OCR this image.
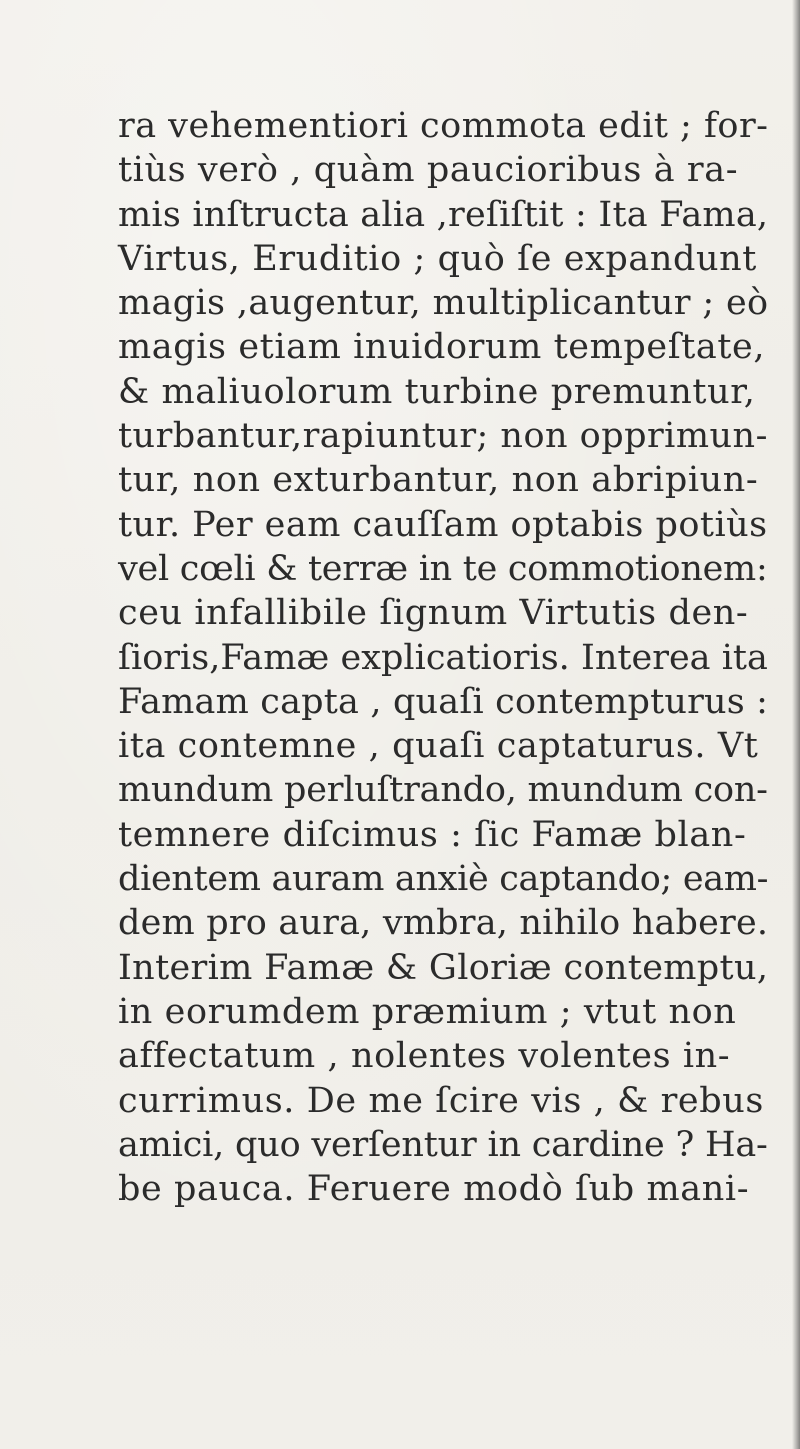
ra vehementiori commota edit ; for-
tiùs verò , quàm paucioribus à ra-
mis inſtructa alia ,reſiſtit : Ita Fama,
Virtus, Eruditio ; quò ſe expandunt
magis ,augentur, multiplicantur ; eò
magis etiam inuidorum tempeſtate,
& maliuolorum turbine premuntur,
turbantur,rapiuntur; non opprimun-
tur, non exturbantur, non abripiun-
tur. Per eam cauſſam optabis potiùs
vel cœli & terræ in te commotionem:
ceu infallibile ſignum Virtutis den-
ſioris,Famæ explicatioris. Interea ita
Famam capta , quaſi contempturus :
ita contemne , quaſi captaturus. Vt
mundum perluſtrando, mundum con-
temnere diſcimus : ſic Famæ blan-
dientem auram anxiè captando; eam-
dem pro aura, vmbra, nihilo habere.
Interim Famæ & Gloriæ contemptu,
in eorumdem præmium ; vtut non
affectatum , nolentes volentes in-
currimus. De me ſcire vis , & rebus
amici, quo verſentur in cardine ? Ha-
be pauca. Feruere modò ſub mani-
